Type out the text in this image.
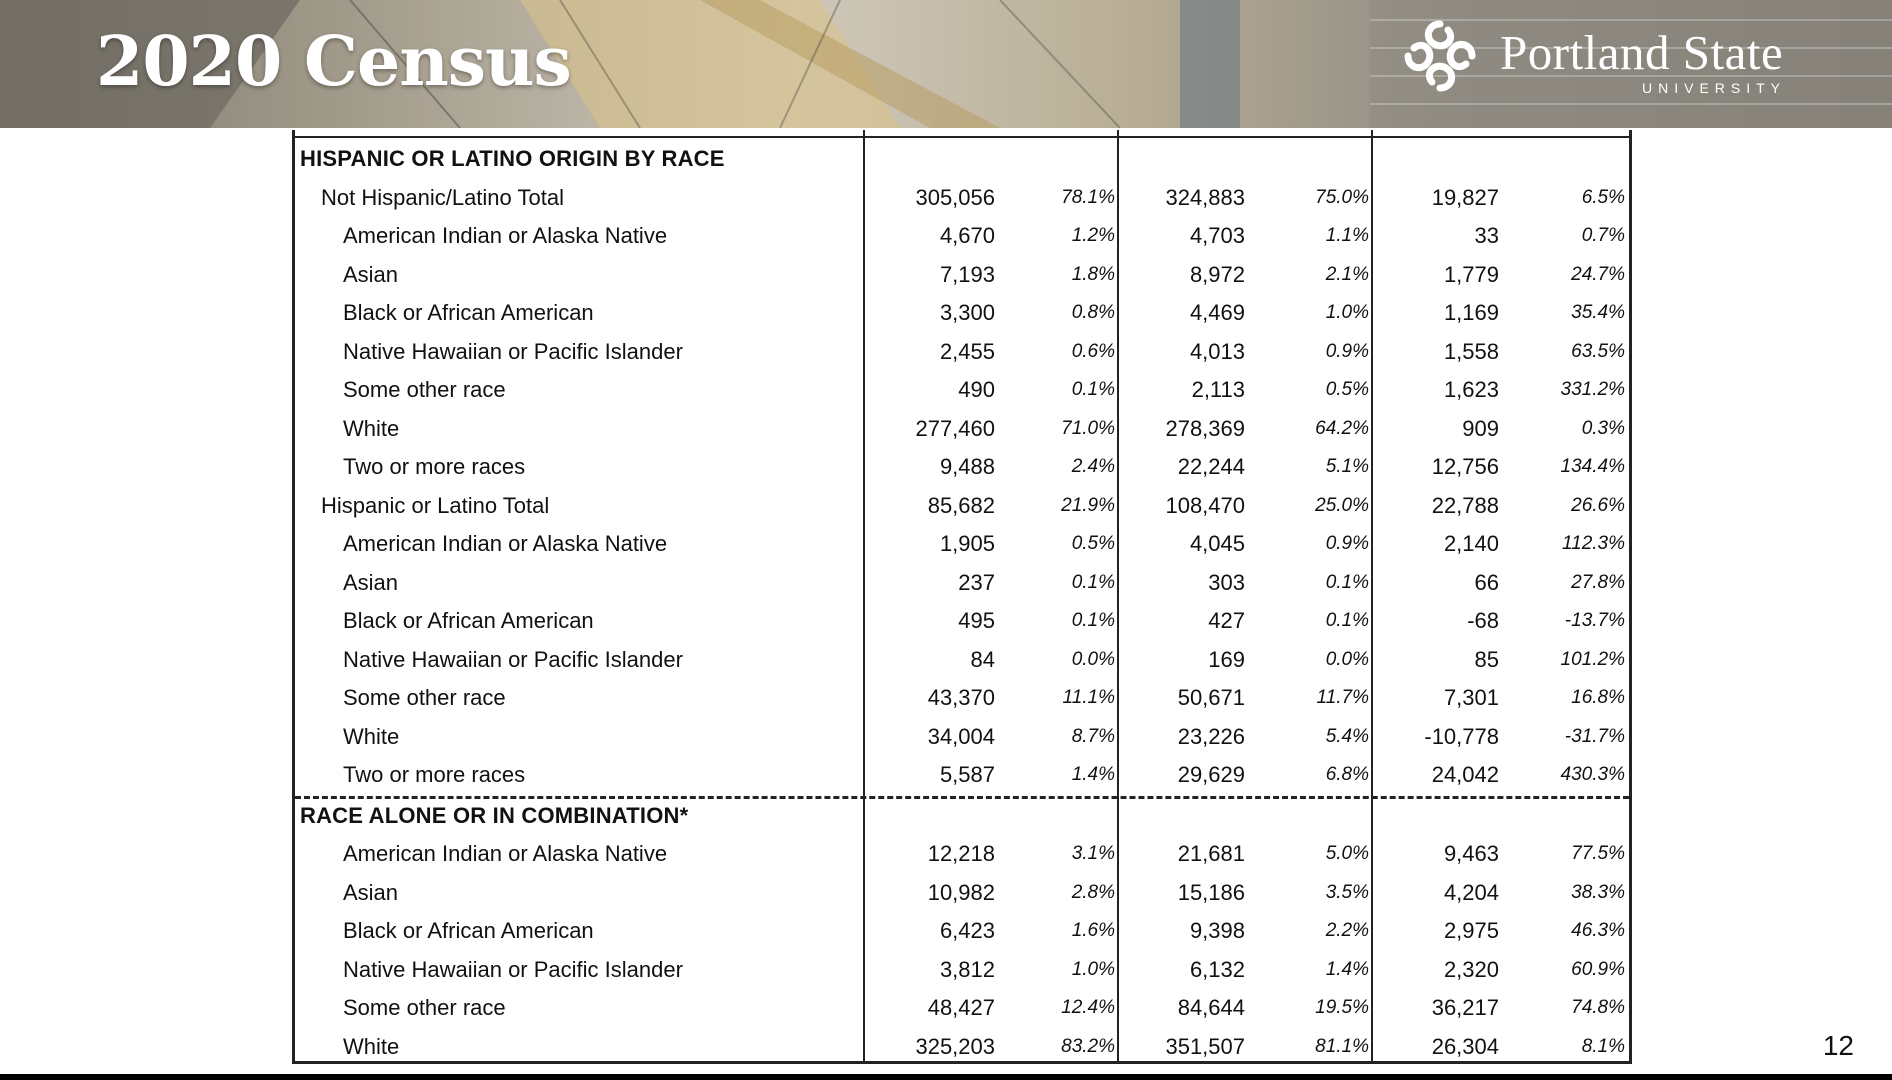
2020 Census	Portland State
UNIVERSITY
HISPANIC OR LATINO ORIGIN BY RACE
Not Hispanic/Latino Total	305,056	78.1% 324,883	75.0%	19,827	6.5%
American Indian or Alaska Native	4,670	1.2%	4,703	1.1%	33	0.7%
Asian	7,193	1.8%	8,972	2.1%	1,779	24.7%
Black or African American	3,300	0.8%	4,469	1.0%	1,169	35.4%
Native Hawaiian or Pacific Islander	2,455	0.6%	4,013	0.9%	1,558	63.5%
Some other race	490	0.1%	2,113	0.5%	1,623	331.2%
White	277,460	71.0% 278,369	64.2%	909	0.3%
Two or more races	9,488	2.4%	22,244	5.1%	12,756	134.4%
Hispanic or Latino Total	85,682	21.9% 108,470	25.0%	22,788	26.6%
American Indian or Alaska Native	1,905	0.5%	4,045	0.9%	2,140	112.3%
Asian	237	0.1%	303	0.1%	66	27.8%
Black or African American	495	0.1%	427	0.1%	-68	-13.7%
Native Hawaiian or Pacific Islander	84	0.0%	169	0.0%	85	101.2%
Some other race	43,370	11.1%	50,671	11.7%	7,301	16.8%
White	34,004	8.7%	23,226	5.4%	-10,778	-31.7%
Two or more races	5,587	1.4%	29,629	6.8%	24,042	430.3%
RACE ALONE OR IN COMBINATION*
American Indian or Alaska Native	12,218	3.1%	21,681	5.0%	9,463	77.5%
Asian	10,982	2.8%	15,186	3.5%	4,204	38.3%
Black or African American	6,423	1.6%	9,398	2.2%	2,975	46.3%
Native Hawaiian or Pacific Islander	3,812	1.0%	6,132	1.4%	2,320	60.9%
Some other race	48,427	12.4%	84,644	19.5%	36,217	74.8%
White	325,203	83.2% 351,507	81.1%	26,304	8.1%	12
